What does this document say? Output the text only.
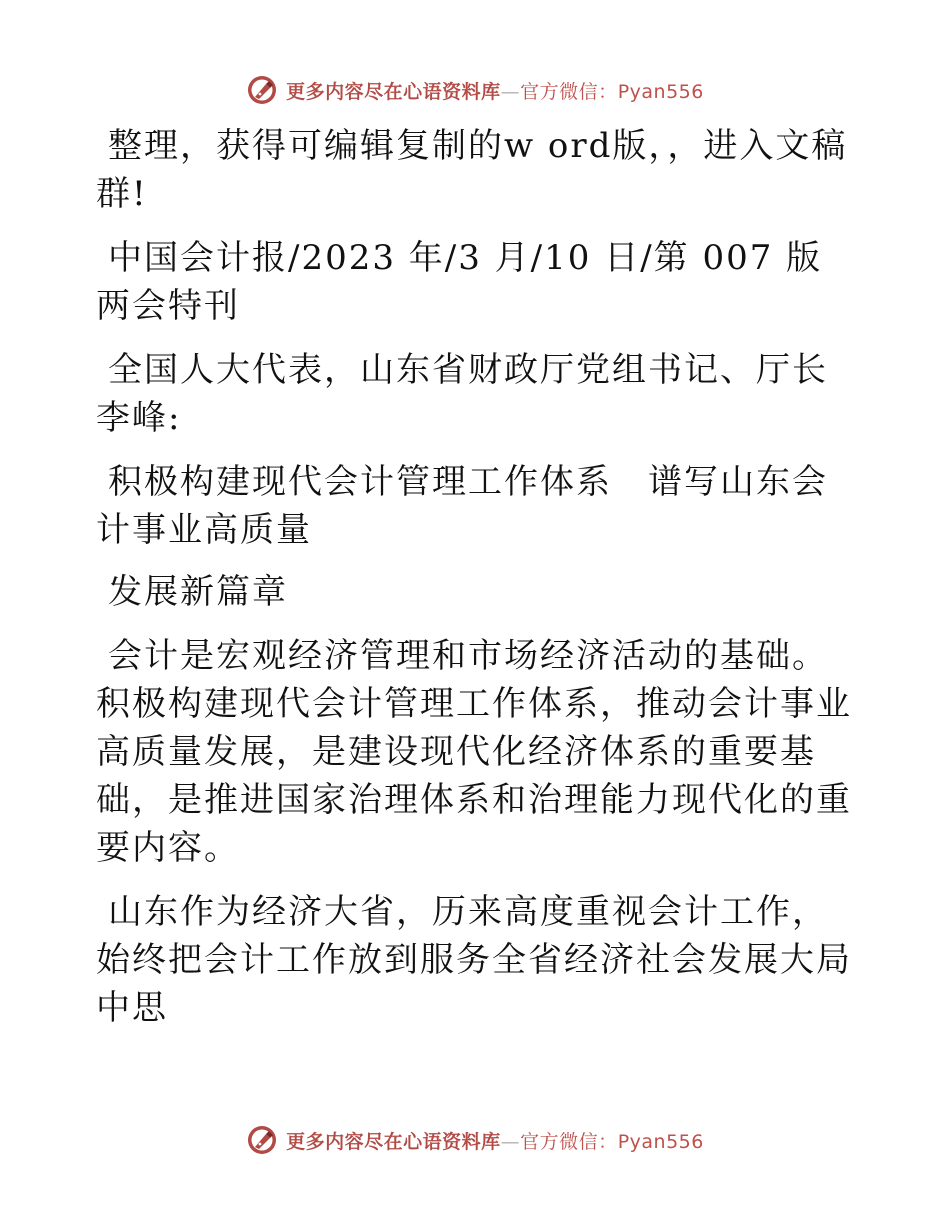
更多内容尽在心语资料库—官方微信：Pyan556

整理，获得可编辑复制的w ord版，，进入文稿群!

中国会计报/2023 年/3 月/10 日/第 007 版两会特刊

全国人大代表，山东省财政厅党组书记、厅长李峰:

积极构建现代会计管理工作体系　谱写山东会计事业高质量

发展新篇章

会计是宏观经济管理和市场经济活动的基础。积极构建现代会计管理工作体系，推动会计事业高质量发展，是建设现代化经济体系的重要基础，是推进国家治理体系和治理能力现代化的重要内容。

山东作为经济大省，历来高度重视会计工作，始终把会计工作放到服务全省经济社会发展大局中思

更多内容尽在心语资料库—官方微信：Pyan556
